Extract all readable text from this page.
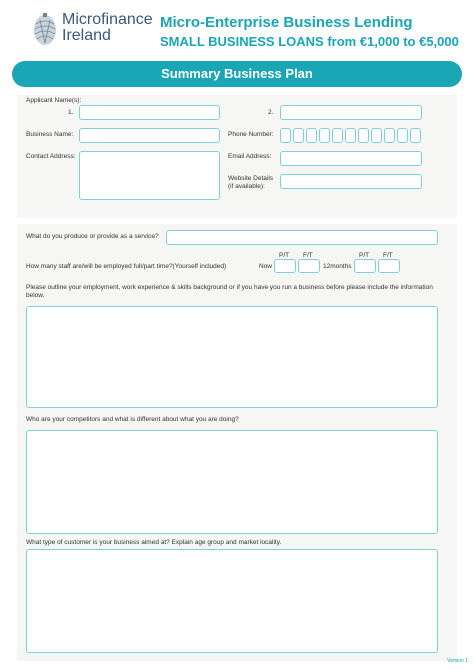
Microfinance
Ireland
Micro-Enterprise Business Lending
SMALL BUSINESS LOANS from €1,000 to €5,000
Summary Business Plan
Applicant Name(s):
1.	2.
Business Name:	Phone Number:
Contact Address:	Email Address:
Website Details
(if available):
What do you produce or provide as a service?
P/T F/T	P/T F/T
How many staff are/will be employed full/part time?(Yourself included)	Now	12months
Please outline your employment, work experience & skills background or if you have you run a business before please include the information below.
Who are your competitors and what is different about what you are doing?
What type of customer is your business aimed at? Explain age group and market locality.
Version 1
